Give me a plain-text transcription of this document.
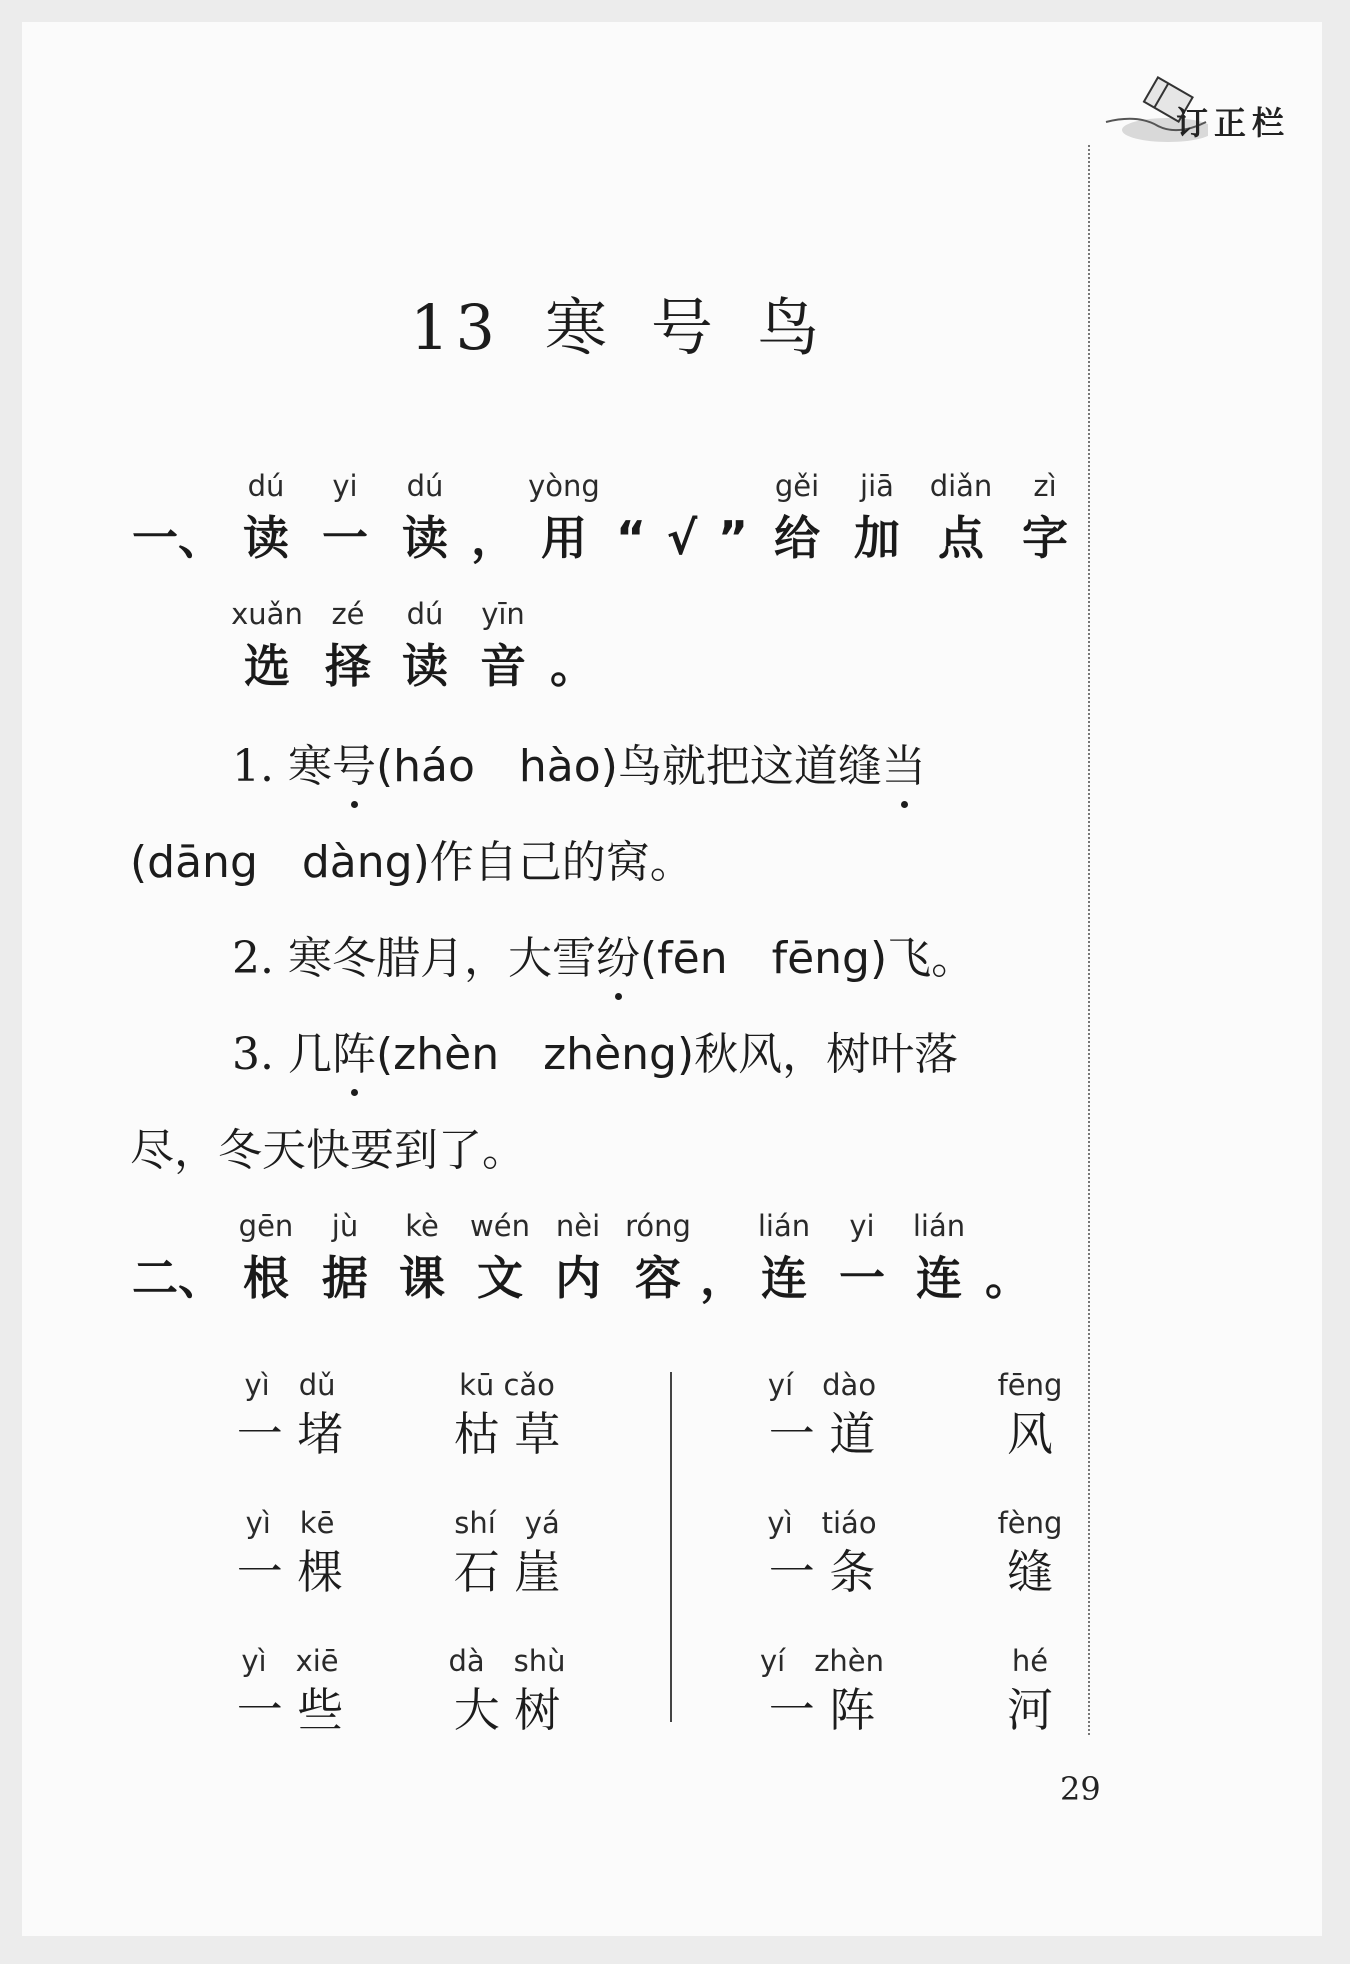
订正栏
13 寒 号 鸟
一、
dú
读
yi
一
dú
读 ，
yòng
用 “ √ ”
gěi
给
jiā
加
diǎn
点
zì
字
xuǎn
选
zé
择
dú
读
yīn
音 。
1. 寒号(háo　hào)鸟就把这道缝当
(dāng　dàng)作自己的窝。
2. 寒冬腊月，大雪纷(fēn　fēng)飞。
3. 几阵(zhèn　zhèng)秋风，树叶落
尽，冬天快要到了。
二、
gēn
根
jù
据
kè
课
wén
文
nèi
内
róng
容 ，
lián
连
yi
一
lián
连 。
yì　dǔ
一 堵
yì　kē
一 棵
yì　xiē
一 些
kū cǎo
枯 草
shí　yá
石 崖
dà　shù
大 树
yí　dào
一 道
yì　tiáo
一 条
yí　zhèn
一 阵
fēng
风
fèng
缝
hé
河
29
